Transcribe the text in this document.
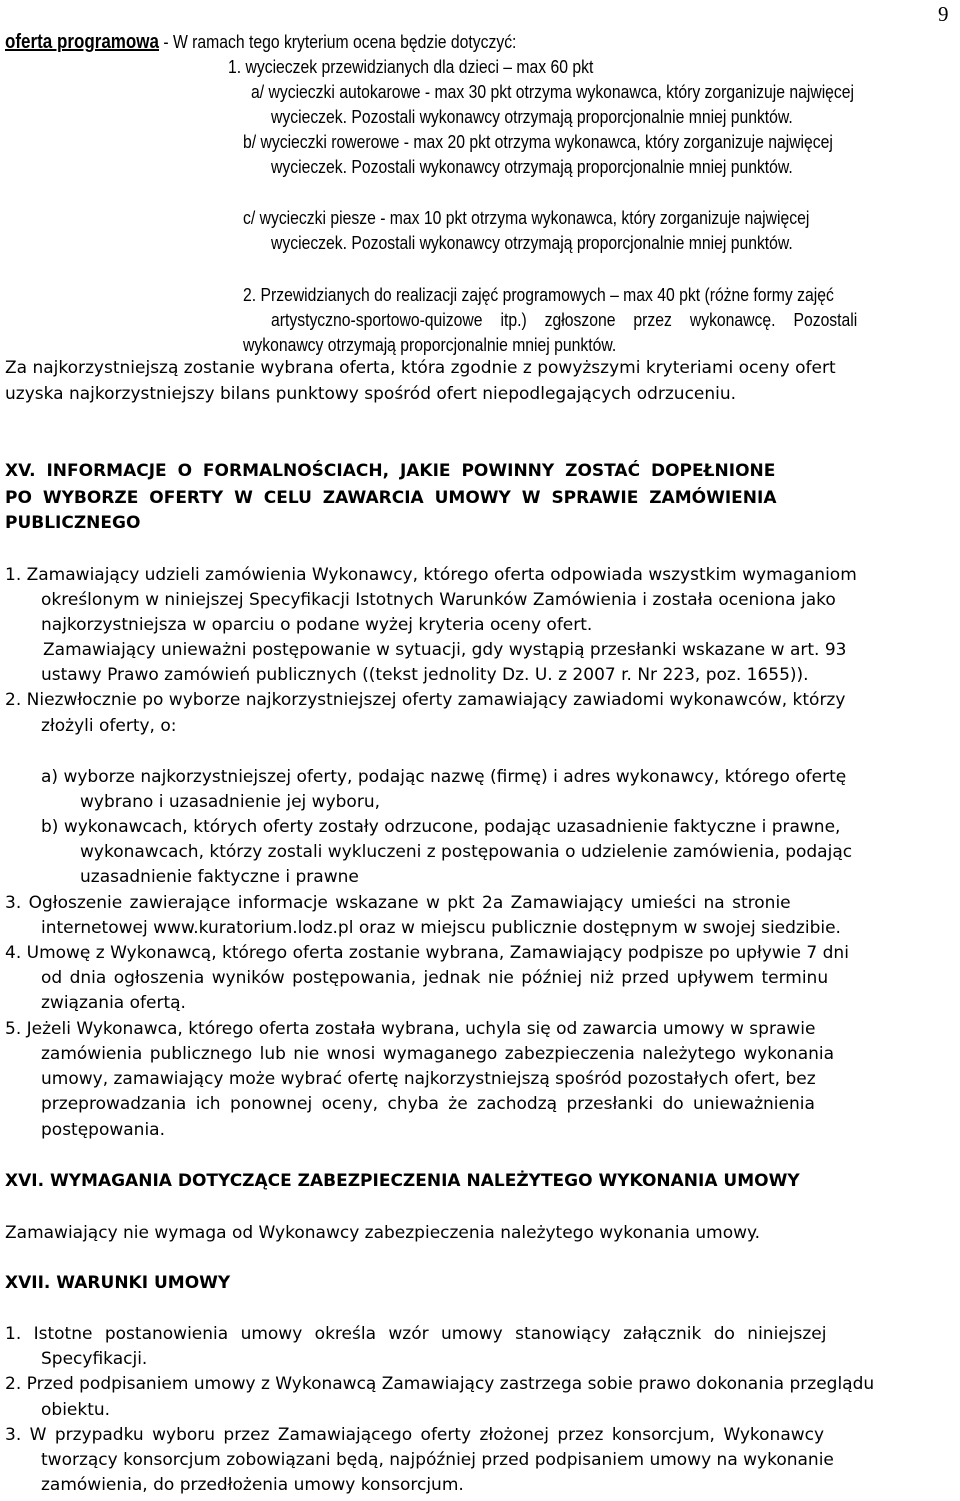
9
oferta programowa - W ramach tego kryterium ocena będzie dotyczyć:
1. wycieczek przewidzianych dla dzieci – max 60 pkt
a/ wycieczki autokarowe - max 30 pkt otrzyma wykonawca, który zorganizuje najwięcej
wycieczek. Pozostali wykonawcy otrzymają proporcjonalnie mniej punktów.
b/ wycieczki rowerowe - max 20 pkt otrzyma wykonawca, który zorganizuje najwięcej
wycieczek. Pozostali wykonawcy otrzymają proporcjonalnie mniej punktów.
c/ wycieczki piesze - max 10 pkt otrzyma wykonawca, który zorganizuje najwięcej
wycieczek. Pozostali wykonawcy otrzymają proporcjonalnie mniej punktów.
2. Przewidzianych do realizacji zajęć programowych – max 40 pkt (różne formy zajęć
artystyczno-sportowo-quizowe itp.) zgłoszone przez wykonawcę. Pozostali
wykonawcy otrzymają proporcjonalnie mniej punktów.
Za najkorzystniejszą zostanie wybrana oferta, która zgodnie z powyższymi kryteriami oceny ofert
uzyska najkorzystniejszy bilans punktowy spośród ofert niepodlegających odrzuceniu.
XV. INFORMACJE O FORMALNOŚCIACH, JAKIE POWINNY ZOSTAĆ DOPEŁNIONE
PO WYBORZE OFERTY W CELU ZAWARCIA UMOWY W SPRAWIE ZAMÓWIENIA
PUBLICZNEGO
1. Zamawiający udzieli zamówienia Wykonawcy, którego oferta odpowiada wszystkim wymaganiom
określonym w niniejszej Specyfikacji Istotnych Warunków Zamówienia i została oceniona jako
najkorzystniejsza w oparciu o podane wyżej kryteria oceny ofert.
Zamawiający unieważni postępowanie w sytuacji, gdy wystąpią przesłanki wskazane w art. 93
ustawy Prawo zamówień publicznych ((tekst jednolity Dz. U. z 2007 r. Nr 223, poz. 1655)).
2. Niezwłocznie po wyborze najkorzystniejszej oferty zamawiający zawiadomi wykonawców, którzy
złożyli oferty, o:
a) wyborze najkorzystniejszej oferty, podając nazwę (firmę) i adres wykonawcy, którego ofertę
wybrano i uzasadnienie jej wyboru,
b) wykonawcach, których oferty zostały odrzucone, podając uzasadnienie faktyczne i prawne,
wykonawcach, którzy zostali wykluczeni z postępowania o udzielenie zamówienia, podając
uzasadnienie faktyczne i prawne
3. Ogłoszenie zawierające informacje wskazane w pkt 2a Zamawiający umieści na stronie
internetowej www.kuratorium.lodz.pl oraz w miejscu publicznie dostępnym w swojej siedzibie.
4. Umowę z Wykonawcą, którego oferta zostanie wybrana, Zamawiający podpisze po upływie 7 dni
od dnia ogłoszenia wyników postępowania, jednak nie później niż przed upływem terminu
związania ofertą.
5. Jeżeli Wykonawca, którego oferta została wybrana, uchyla się od zawarcia umowy w sprawie
zamówienia publicznego lub nie wnosi wymaganego zabezpieczenia należytego wykonania
umowy, zamawiający może wybrać ofertę najkorzystniejszą spośród pozostałych ofert, bez
przeprowadzania ich ponownej oceny, chyba że zachodzą przesłanki do unieważnienia
postępowania.
XVI. WYMAGANIA DOTYCZĄCE ZABEZPIECZENIA NALEŻYTEGO WYKONANIA UMOWY
Zamawiający nie wymaga od Wykonawcy zabezpieczenia należytego wykonania umowy.
XVII. WARUNKI UMOWY
1. Istotne postanowienia umowy określa wzór umowy stanowiący załącznik do niniejszej
Specyfikacji.
2. Przed podpisaniem umowy z Wykonawcą Zamawiający zastrzega sobie prawo dokonania przeglądu
obiektu.
3. W przypadku wyboru przez Zamawiającego oferty złożonej przez konsorcjum, Wykonawcy
tworzący konsorcjum zobowiązani będą, najpóźniej przed podpisaniem umowy na wykonanie
zamówienia, do przedłożenia umowy konsorcjum.
